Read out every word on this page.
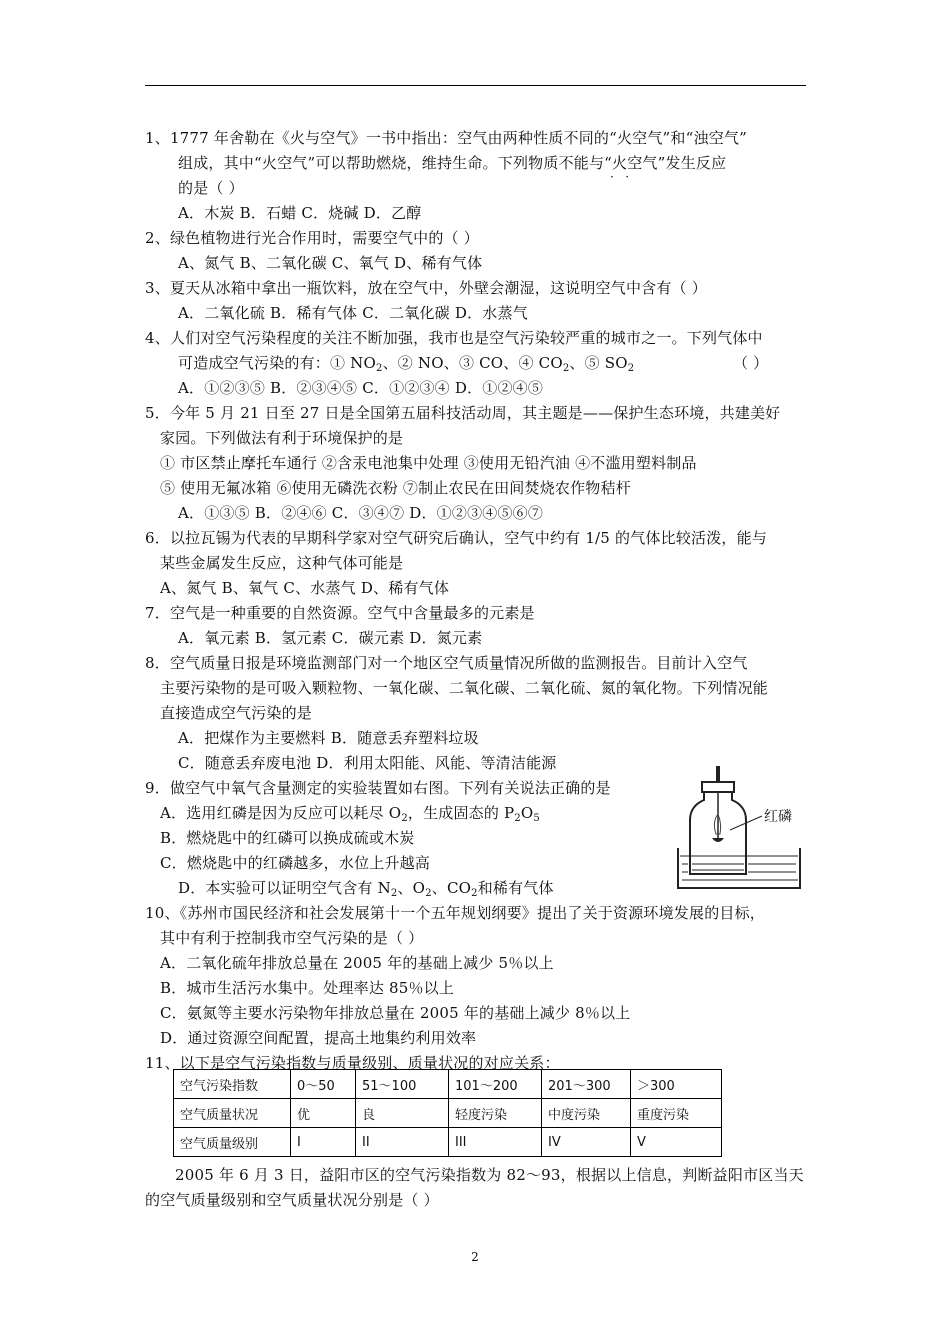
1、1777 年舍勒在《火与空气》一书中指出：空气由两种性质不同的“火空气”和“浊空气”
组成，其中“火空气”可以帮助燃烧，维持生命。下列物质不能与“火空气”发生反应
·   ·
的是（ ）
A．木炭 B．石蜡 C．烧碱 D．乙醇
2、绿色植物进行光合作用时，需要空气中的（ ）
A、氮气 B、二氧化碳 C、氧气 D、稀有气体
3、夏天从冰箱中拿出一瓶饮料，放在空气中，外壁会潮湿，这说明空气中含有（ ）
A．二氧化硫 B．稀有气体 C．二氧化碳 D．水蒸气
4、人们对空气污染程度的关注不断加强，我市也是空气污染较严重的城市之一。下列气体中
可造成空气污染的有：① $NO_2$、② NO、③ CO、④ $CO_2$、⑤ $SO_2$	（ ）
A．①②③⑤ B．②③④⑤ C．①②③④ D．①②④⑤
5．今年 5 月 21 日至 27 日是全国第五届科技活动周，其主题是——保护生态环境，共建美好
家园。下列做法有利于环境保护的是
① 市区禁止摩托车通行 ②含汞电池集中处理 ③使用无铅汽油 ④不滥用塑料制品
⑤ 使用无氟冰箱 ⑥使用无磷洗衣粉 ⑦制止农民在田间焚烧农作物秸杆
A．①③⑤ B．②④⑥ C．③④⑦ D．①②③④⑤⑥⑦
6．以拉瓦锡为代表的早期科学家对空气研究后确认，空气中约有 1/5 的气体比较活泼，能与
某些金属发生反应，这种气体可能是
A、氮气 B、氧气 C、水蒸气 D、稀有气体
7．空气是一种重要的自然资源。空气中含量最多的元素是
A．氧元素 B．氢元素 C．碳元素 D．氮元素
8．空气质量日报是环境监测部门对一个地区空气质量情况所做的监测报告。目前计入空气
主要污染物的是可吸入颗粒物、一氧化碳、二氧化碳、二氧化硫、氮的氧化物。下列情况能
直接造成空气污染的是
A．把煤作为主要燃料 B．随意丢弃塑料垃圾
C．随意丢弃废电池 D．利用太阳能、风能、等清洁能源
9．做空气中氧气含量测定的实验装置如右图。下列有关说法正确的是
A．选用红磷是因为反应可以耗尽 $O_2$，生成固态的 $P_2O_5$
B．燃烧匙中的红磷可以换成硫或木炭
C．燃烧匙中的红磷越多，水位上升越高
D．本实验可以证明空气含有 $N_2$、$O_2$、$CO_2$和稀有气体
红磷
10、《苏州市国民经济和社会发展第十一个五年规划纲要》提出了关于资源环境发展的目标，
其中有利于控制我市空气污染的是（ ）
A．二氧化硫年排放总量在 2005 年的基础上减少 5％以上
B．城市生活污水集中。处理率达 85％以上
C．氨氮等主要水污染物年排放总量在 2005 年的基础上减少 8％以上
D．通过资源空间配置，提高土地集约利用效率
11、以下是空气污染指数与质量级别、质量状况的对应关系：
空气污染指数	0～50	51～100	101～200	201～300	＞300
空气质量状况	优	良	轻度污染	中度污染	重度污染
空气质量级别	I	II	III	IV	V
2005 年 6 月 3 日，益阳市区的空气污染指数为 82～93，根据以上信息，判断益阳市区当天
的空气质量级别和空气质量状况分别是（ ）
2
